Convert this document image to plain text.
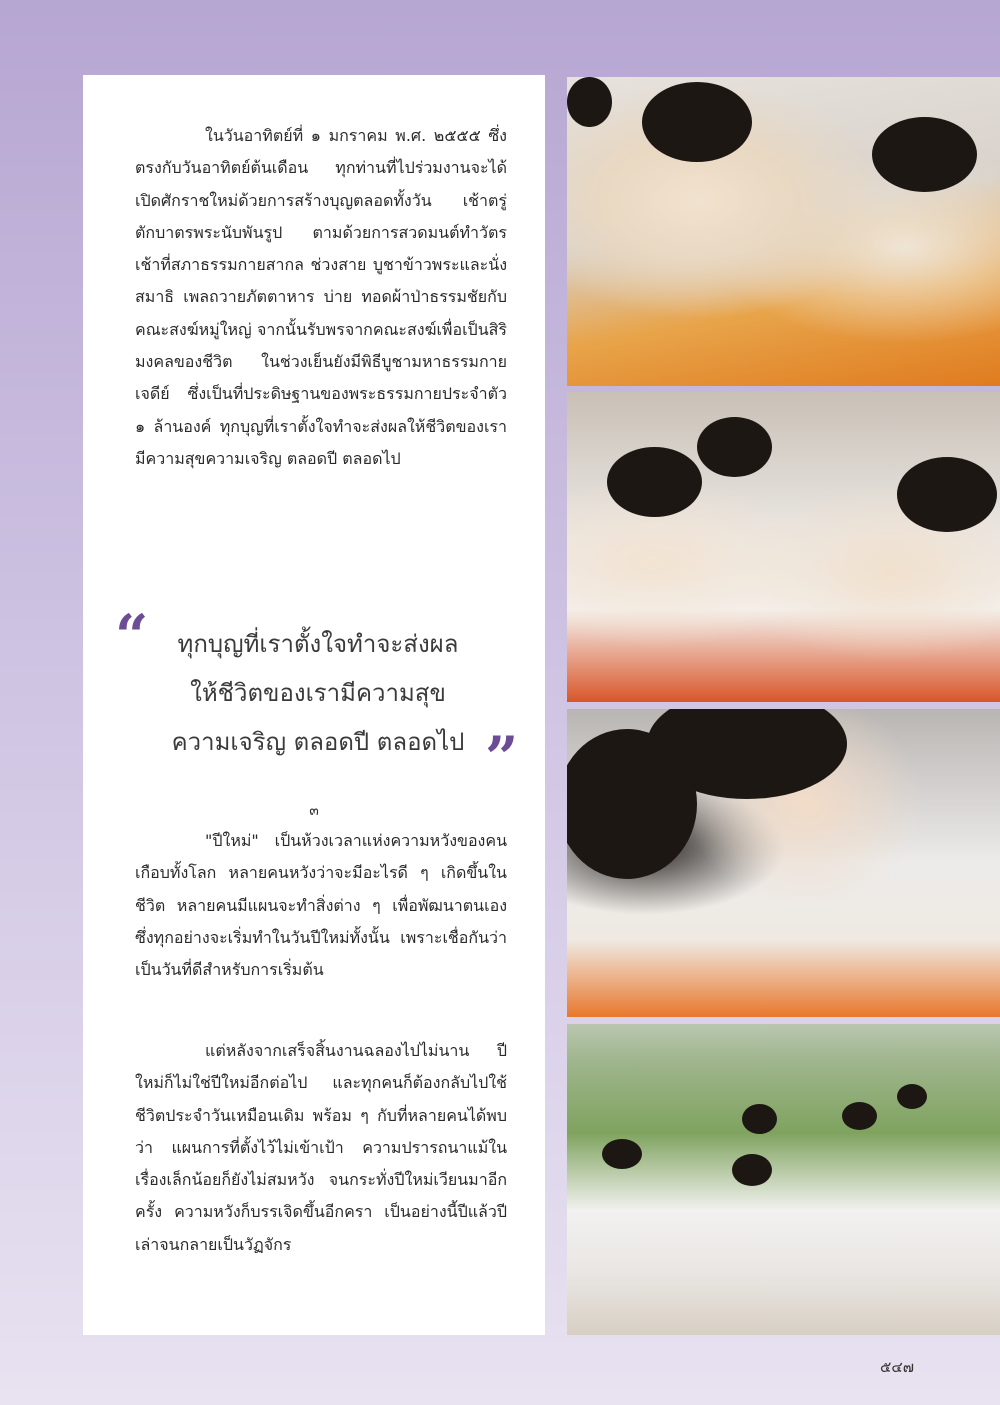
ในวันอาทิตย์ที่ ๑ มกราคม พ.ศ. ๒๕๕๕ ซึ่งตรงกับวันอาทิตย์ต้นเดือน ทุกท่านที่ไปร่วมงานจะได้เปิดศักราชใหม่ด้วยการสร้างบุญตลอดทั้งวัน เช้าตรู่ ตักบาตรพระนับพันรูป ตามด้วยการสวดมนต์ทำวัตรเช้าที่สภาธรรมกายสากล ช่วงสาย บูชาข้าวพระและนั่งสมาธิ เพลถวายภัตตาหาร บ่าย ทอดผ้าป่าธรรมชัยกับคณะสงฆ์หมู่ใหญ่ จากนั้นรับพรจากคณะสงฆ์เพื่อเป็นสิริมงคลของชีวิต ในช่วงเย็นยังมีพิธีบูชามหาธรรมกายเจดีย์ ซึ่งเป็นที่ประดิษฐานของพระธรรมกายประจำตัว ๑ ล้านองค์ ทุกบุญที่เราตั้งใจทำจะส่งผลให้ชีวิตของเรามีความสุขความเจริญ ตลอดปี ตลอดไป

“	ทุกบุญที่เราตั้งใจทำจะส่งผล
ให้ชีวิตของเรามีความสุข
ความเจริญ ตลอดปี ตลอดไป ”
๓

"ปีใหม่" เป็นห้วงเวลาแห่งความหวังของคนเกือบทั้งโลก หลายคนหวังว่าจะมีอะไรดี ๆ เกิดขึ้นในชีวิต หลายคนมีแผนจะทำสิ่งต่าง ๆ เพื่อพัฒนาตนเอง ซึ่งทุกอย่างจะเริ่มทำในวันปีใหม่ทั้งนั้น เพราะเชื่อกันว่าเป็นวันที่ดีสำหรับการเริ่มต้น

แต่หลังจากเสร็จสิ้นงานฉลองไปไม่นาน ปีใหม่ก็ไม่ใช่ปีใหม่อีกต่อไป และทุกคนก็ต้องกลับไปใช้ชีวิตประจำวันเหมือนเดิม พร้อม ๆ กับที่หลายคนได้พบว่า แผนการที่ตั้งไว้ไม่เข้าเป้า ความปรารถนาแม้ในเรื่องเล็กน้อยก็ยังไม่สมหวัง จนกระทั่งปีใหม่เวียนมาอีกครั้ง ความหวังก็บรรเจิดขึ้นอีกครา เป็นอย่างนี้ปีแล้วปีเล่าจนกลายเป็นวัฏจักร

๕๔๗
